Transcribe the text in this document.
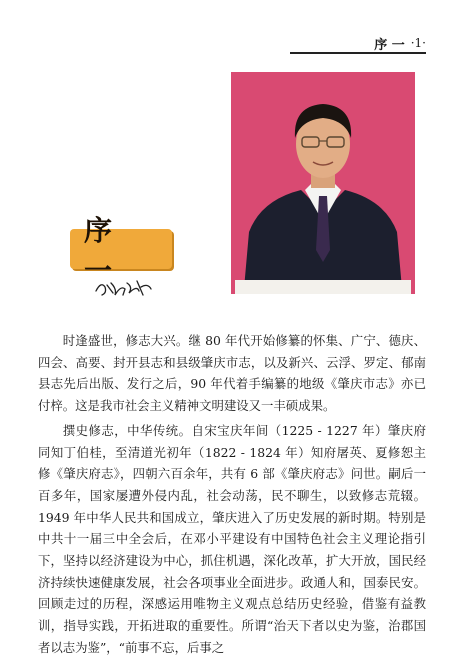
序 一 ·1·
序 一

时逢盛世，修志大兴。继 80 年代开始修纂的怀集、广宁、德庆、四会、高要、封开县志和县级肇庆市志，以及新兴、云浮、罗定、郁南县志先后出版、发行之后，90 年代着手编纂的地级《肇庆市志》亦已付梓。这是我市社会主义精神文明建设又一丰硕成果。

撰史修志，中华传统。自宋宝庆年间（1225 - 1227 年）肇庆府同知丁伯桂，至清道光初年（1822 - 1824 年）知府屠英、夏修恕主修《肇庆府志》，四朝六百余年，共有 6 部《肇庆府志》问世。嗣后一百多年，国家屡遭外侵内乱，社会动荡，民不聊生，以致修志荒辍。1949 年中华人民共和国成立，肇庆进入了历史发展的新时期。特别是中共十一届三中全会后，在邓小平建设有中国特色社会主义理论指引下，坚持以经济建设为中心，抓住机遇，深化改革，扩大开放，国民经济持续快速健康发展，社会各项事业全面进步。政通人和，国泰民安。回顾走过的历程，深感运用唯物主义观点总结历史经验，借鉴有益教训，指导实践，开拓进取的重要性。所谓“治天下者以史为鉴，治郡国者以志为鉴”，“前事不忘，后事之
